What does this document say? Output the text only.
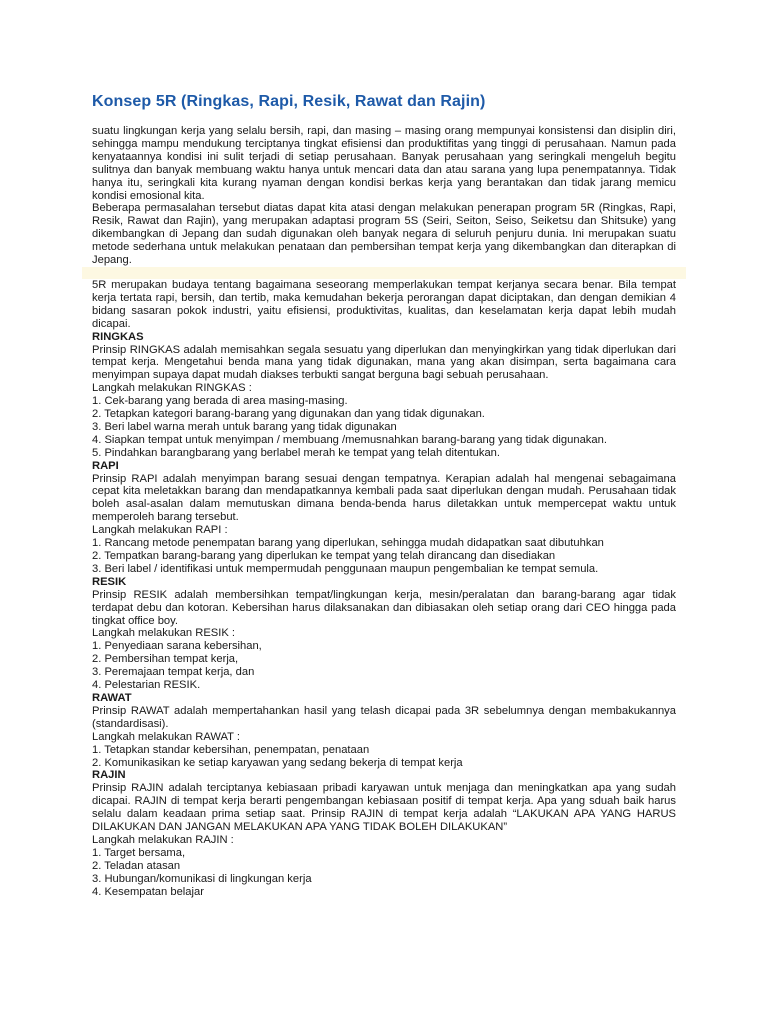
Konsep 5R (Ringkas, Rapi, Resik, Rawat dan Rajin)

suatu lingkungan kerja yang selalu bersih, rapi, dan masing – masing orang mempunyai konsistensi dan disiplin diri, sehingga mampu mendukung terciptanya tingkat efisiensi dan produktifitas yang tinggi di perusahaan. Namun pada kenyataannya kondisi ini sulit terjadi di setiap perusahaan. Banyak perusahaan yang seringkali mengeluh begitu sulitnya dan banyak membuang waktu hanya untuk mencari data dan atau sarana yang lupa penempatannya. Tidak hanya itu, seringkali kita kurang nyaman dengan kondisi berkas kerja yang berantakan dan tidak jarang memicu kondisi emosional kita.

Beberapa permasalahan tersebut diatas dapat kita atasi dengan melakukan penerapan program 5R (Ringkas, Rapi, Resik, Rawat dan Rajin), yang merupakan adaptasi program 5S (Seiri, Seiton, Seiso, Seiketsu dan Shitsuke) yang dikembangkan di Jepang dan sudah digunakan oleh banyak negara di seluruh penjuru dunia. Ini merupakan suatu metode sederhana untuk melakukan penataan dan pembersihan tempat kerja yang dikembangkan dan diterapkan di Jepang.

5R merupakan budaya tentang bagaimana seseorang memperlakukan tempat kerjanya secara benar. Bila tempat kerja tertata rapi, bersih, dan tertib, maka kemudahan bekerja perorangan dapat diciptakan, dan dengan demikian 4 bidang sasaran pokok industri, yaitu efisiensi, produktivitas, kualitas, dan keselamatan kerja dapat lebih mudah dicapai.

RINGKAS

Prinsip RINGKAS adalah memisahkan segala sesuatu yang diperlukan dan menyingkirkan yang tidak diperlukan dari tempat kerja. Mengetahui benda mana yang tidak digunakan, mana yang akan disimpan, serta bagaimana cara menyimpan supaya dapat mudah diakses terbukti sangat berguna bagi sebuah perusahaan.

Langkah melakukan RINGKAS :

1. Cek-barang yang berada di area masing-masing.

2. Tetapkan kategori barang-barang yang digunakan dan yang tidak digunakan.

3. Beri label warna merah untuk barang yang tidak digunakan

4. Siapkan tempat untuk menyimpan / membuang /memusnahkan barang-barang yang tidak digunakan.

5. Pindahkan barangbarang yang berlabel merah ke tempat yang telah ditentukan.

RAPI

Prinsip RAPI adalah menyimpan barang sesuai dengan tempatnya. Kerapian adalah hal mengenai sebagaimana cepat kita meletakkan barang dan mendapatkannya kembali pada saat diperlukan dengan mudah. Perusahaan tidak boleh asal-asalan dalam memutuskan dimana benda-benda harus diletakkan untuk mempercepat waktu untuk memperoleh barang tersebut.

Langkah melakukan RAPI :

1. Rancang metode penempatan barang yang diperlukan, sehingga mudah didapatkan saat dibutuhkan

2. Tempatkan barang-barang yang diperlukan ke tempat yang telah dirancang dan disediakan

3. Beri label / identifikasi untuk mempermudah penggunaan maupun pengembalian ke tempat semula.

RESIK

Prinsip RESIK adalah membersihkan tempat/lingkungan kerja, mesin/peralatan dan barang-barang agar tidak terdapat debu dan kotoran. Kebersihan harus dilaksanakan dan dibiasakan oleh setiap orang dari CEO hingga pada tingkat office boy.

Langkah melakukan RESIK :

1. Penyediaan sarana kebersihan,

2. Pembersihan tempat kerja,

3. Peremajaan tempat kerja, dan

4. Pelestarian RESIK.

RAWAT

Prinsip RAWAT adalah mempertahankan hasil yang telash dicapai pada 3R sebelumnya dengan membakukannya (standardisasi).

Langkah melakukan RAWAT :

1. Tetapkan standar kebersihan, penempatan, penataan

2. Komunikasikan ke setiap karyawan yang sedang bekerja di tempat kerja

RAJIN

Prinsip RAJIN adalah terciptanya kebiasaan pribadi karyawan untuk menjaga dan meningkatkan apa yang sudah dicapai. RAJIN di tempat kerja berarti pengembangan kebiasaan positif di tempat kerja. Apa yang sduah baik harus selalu dalam keadaan prima setiap saat. Prinsip RAJIN di tempat kerja adalah “LAKUKAN APA YANG HARUS DILAKUKAN DAN JANGAN MELAKUKAN APA YANG TIDAK BOLEH DILAKUKAN”

Langkah melakukan RAJIN :

1. Target bersama,

2. Teladan atasan

3. Hubungan/komunikasi di lingkungan kerja

4. Kesempatan belajar
